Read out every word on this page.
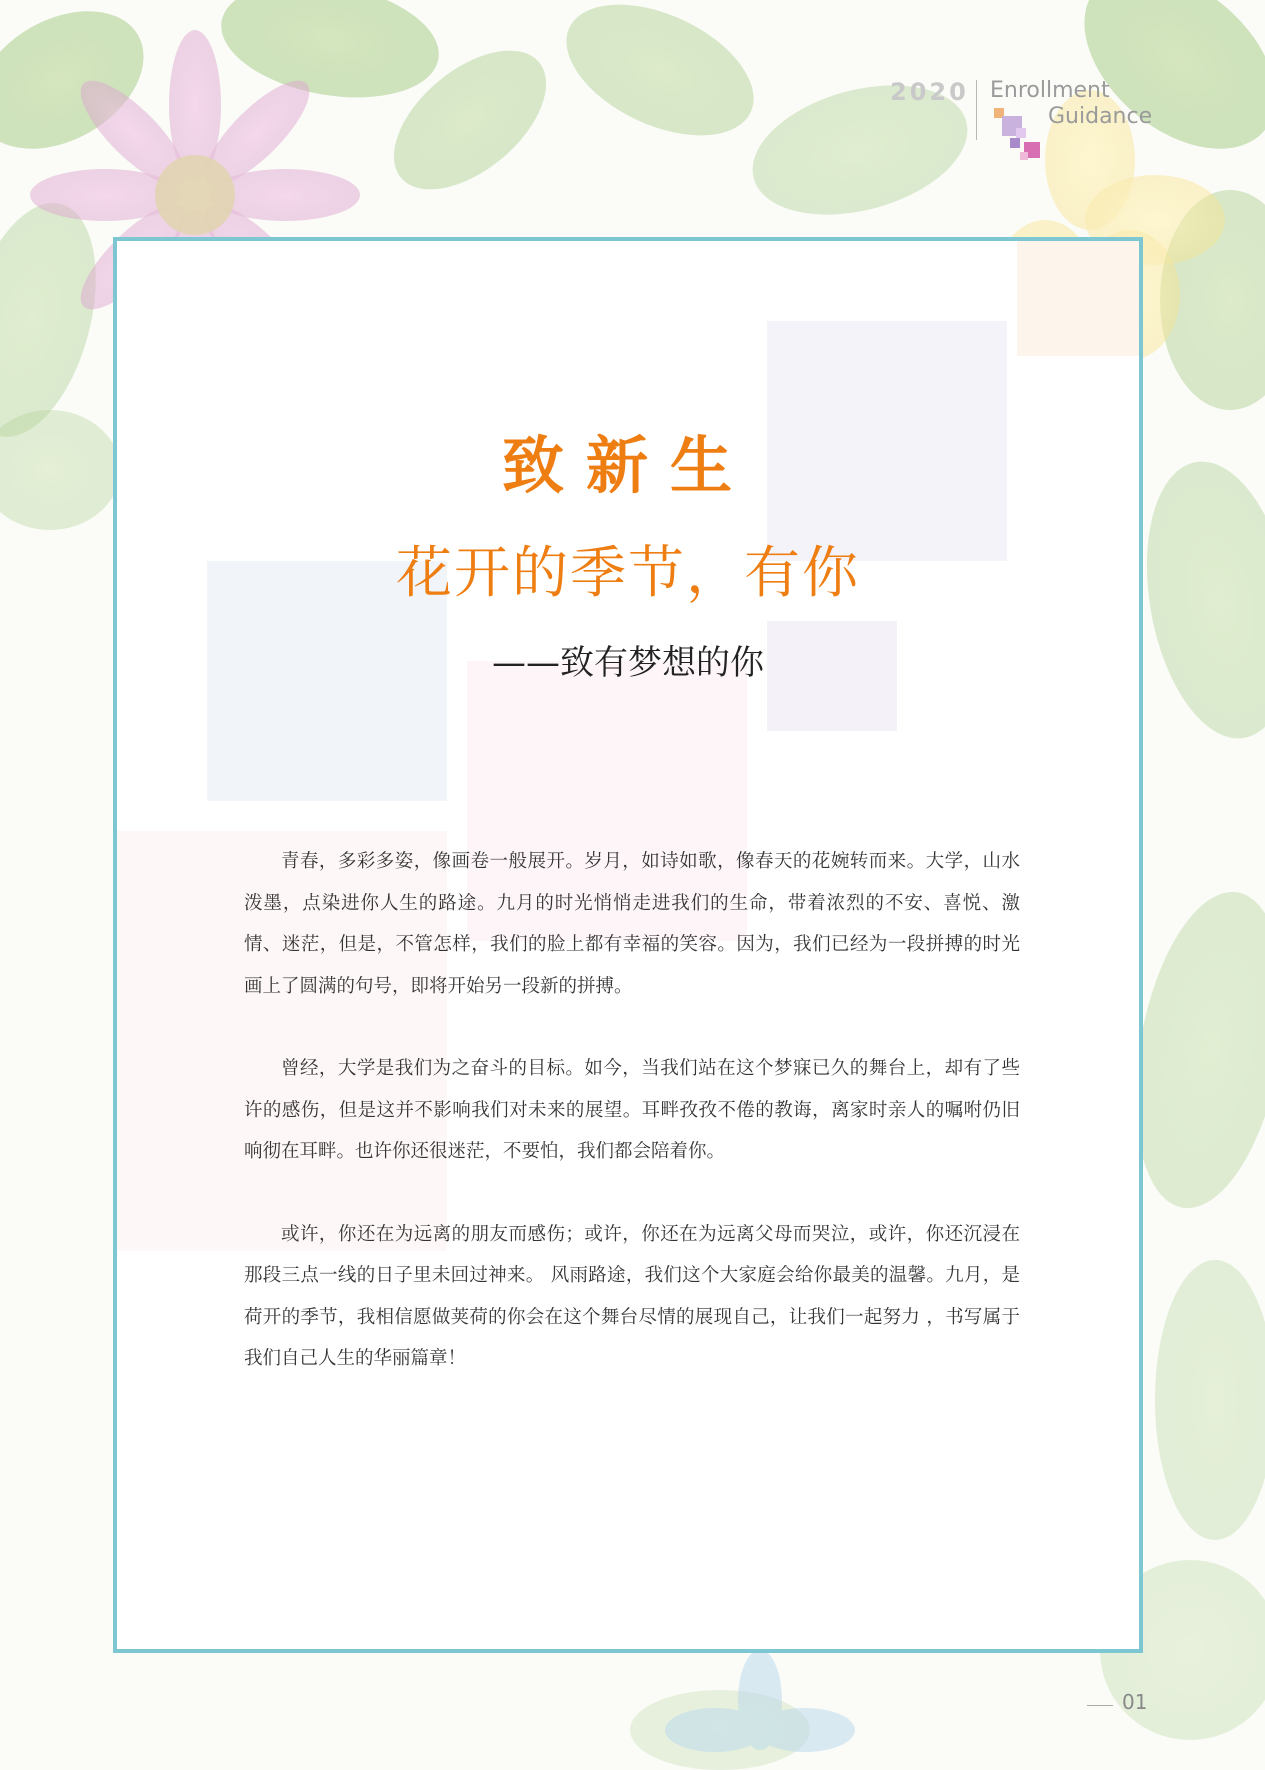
2020 Enrollment
Guidance
致新生
花开的季节，有你
——致有梦想的你

青春，多彩多姿，像画卷一般展开。岁月，如诗如歌，像春天的花婉转而来。大学，山水泼墨，点染进你人生的路途。九月的时光悄悄走进我们的生命，带着浓烈的不安、喜悦、激情、迷茫，但是，不管怎样，我们的脸上都有幸福的笑容。因为，我们已经为一段拼搏的时光画上了圆满的句号，即将开始另一段新的拼搏。

曾经，大学是我们为之奋斗的目标。如今，当我们站在这个梦寐已久的舞台上，却有了些许的感伤，但是这并不影响我们对未来的展望。耳畔孜孜不倦的教诲，离家时亲人的嘱咐仍旧响彻在耳畔。也许你还很迷茫，不要怕，我们都会陪着你。

或许，你还在为远离的朋友而感伤；或许，你还在为远离父母而哭泣，或许，你还沉浸在那段三点一线的日子里未回过神来。 风雨路途，我们这个大家庭会给你最美的温馨。九月，是荷开的季节，我相信愿做荚荷的你会在这个舞台尽情的展现自己，让我们一起努力 ，书写属于我们自己人生的华丽篇章！

01
